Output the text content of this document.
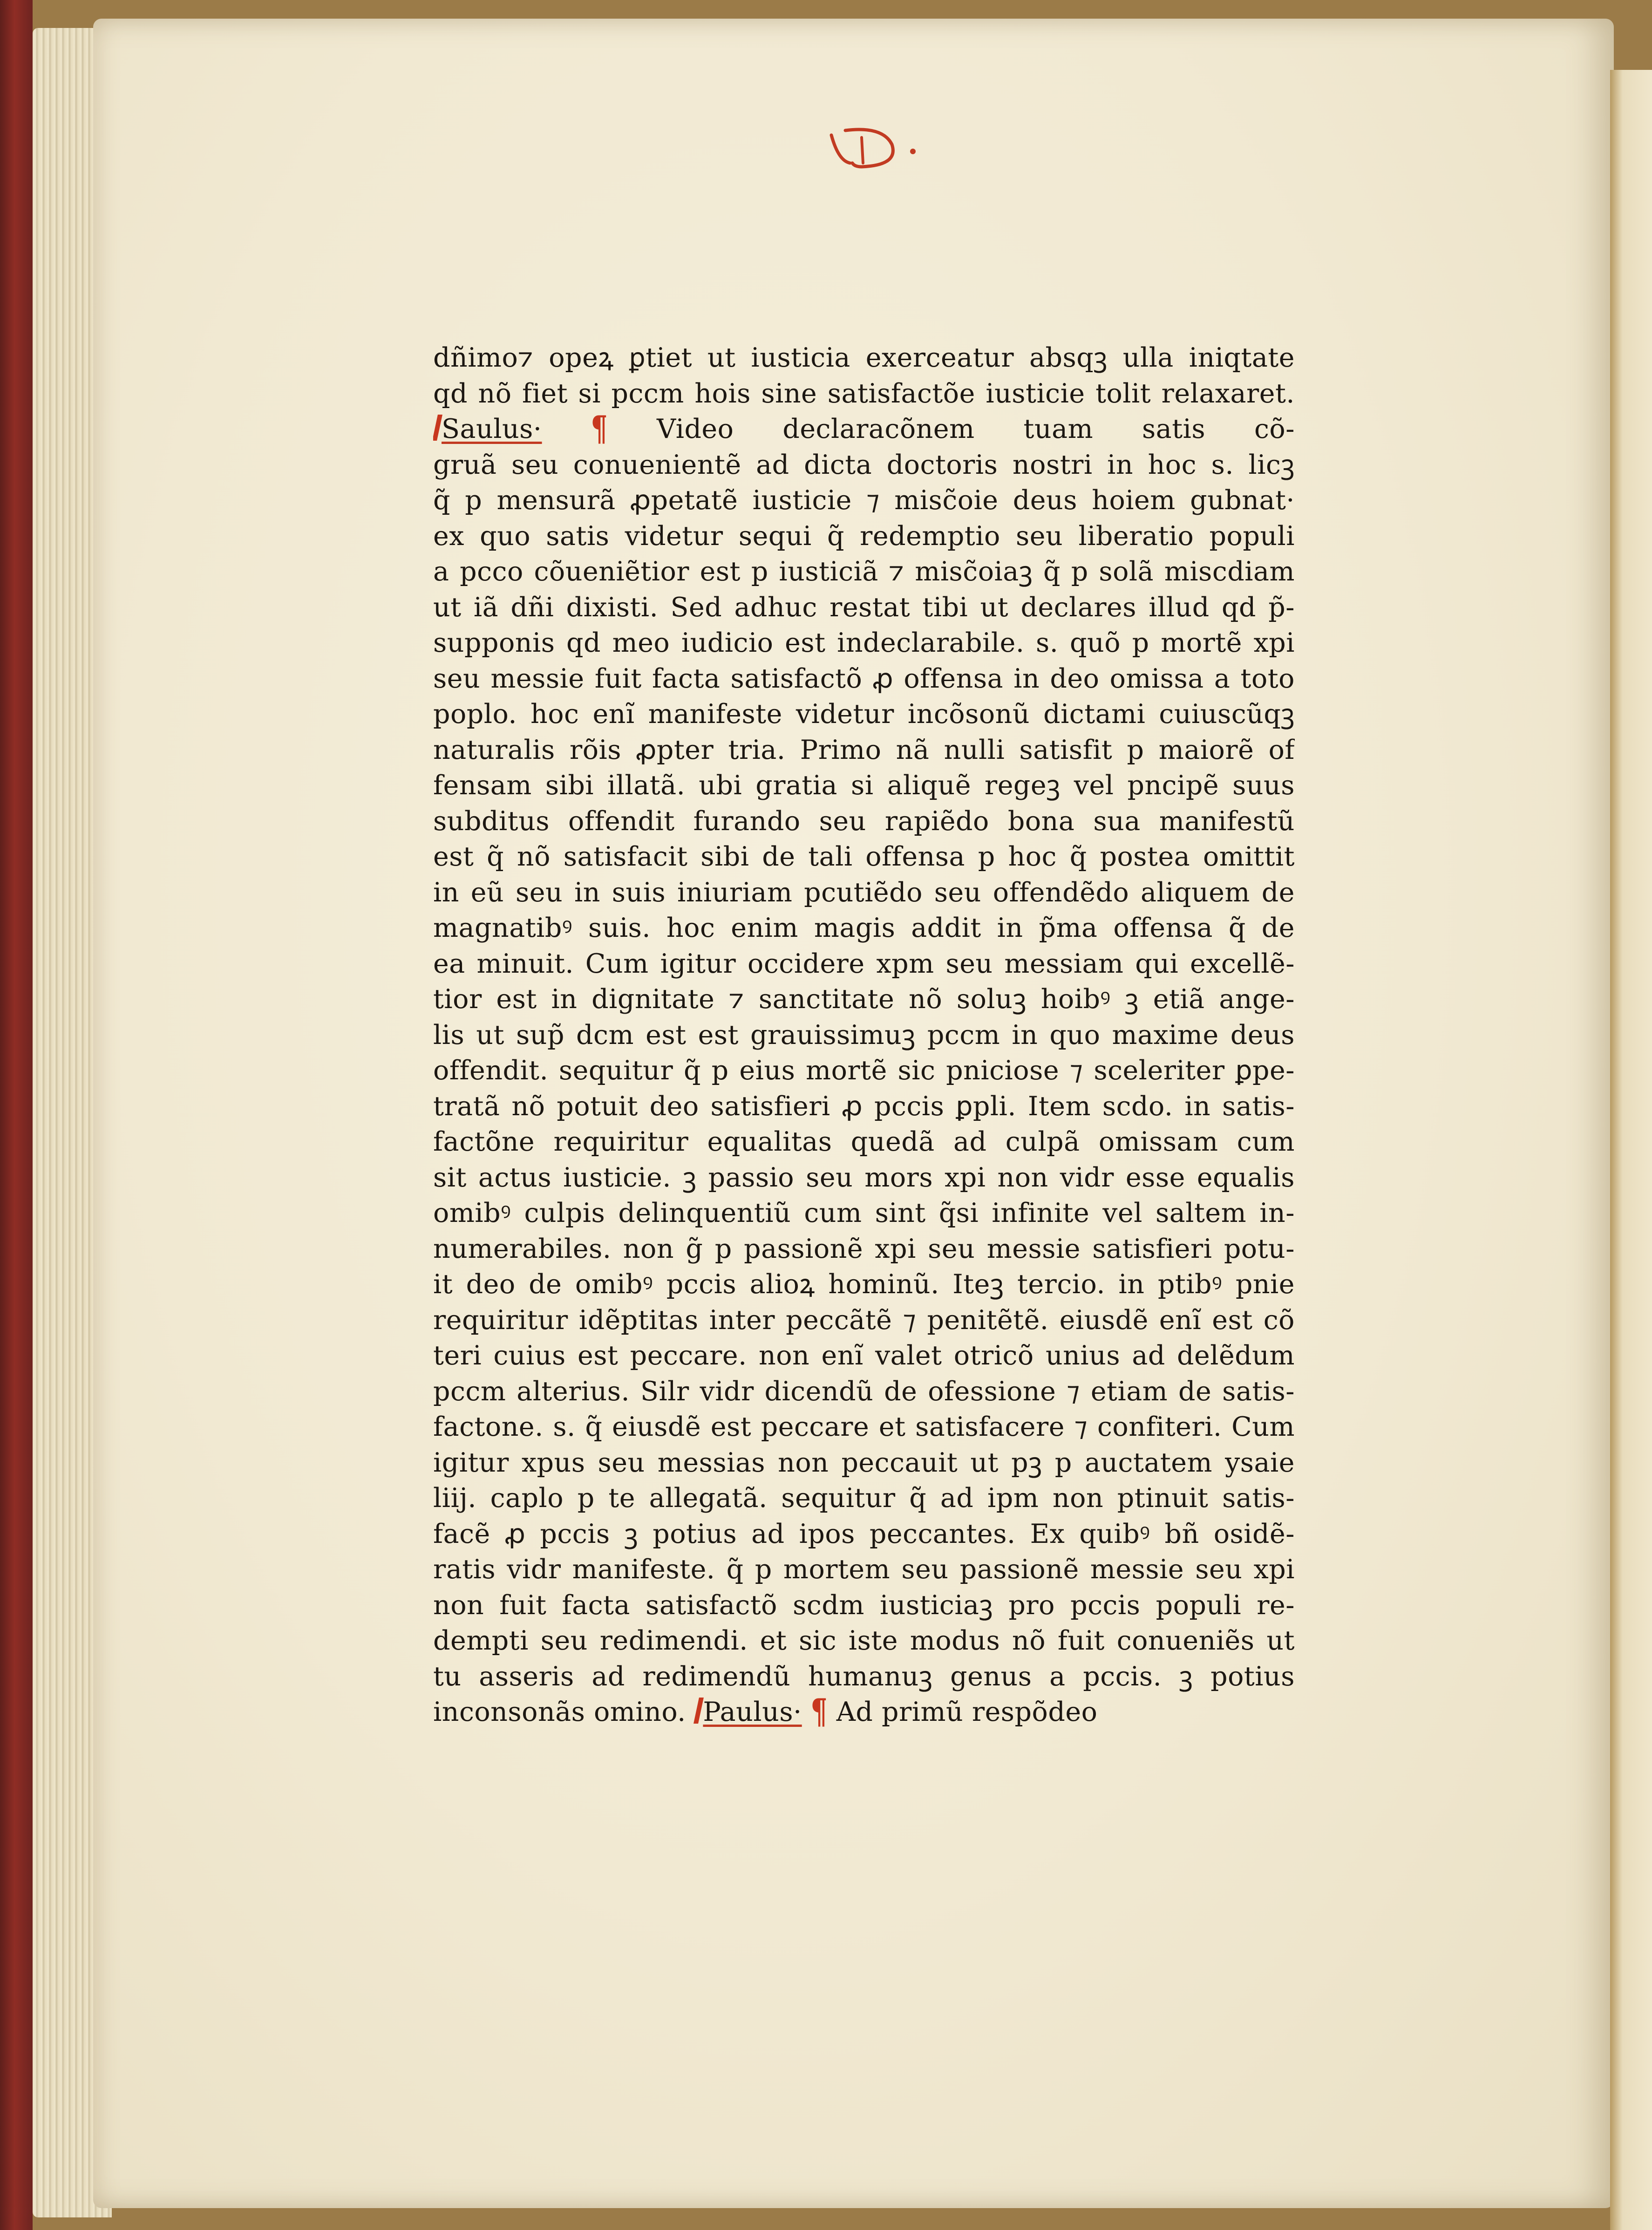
dñimo⁊ opeꝝ ꝑtiet ut iusticia exerceatur absqꝫ ulla iniqtate
qd nõ fiet si pccm hois sine satisfactõe iusticie tolit relaxaret.
Saulus· ¶ Video declaracõnem tuam satis cõ-
gruã seu conuenientẽ ad dicta doctoris nostri in hoc s. licꝫ
q̃ p mensurã ꝓpetatẽ iusticie ⁊ misc̃oie deus hoiem gubnat·
ex quo satis videtur sequi q̃ redemptio seu liberatio populi
a pcco cõueniẽtior est p iusticiã ⁊ misc̃oiaꝫ q̃ p solã miscdiam
ut iã dñi dixisti. Sed adhuc restat tibi ut declares illud qd p̃-
supponis qd meo iudicio est indeclarabile. s. quõ p mortẽ xpi
seu messie fuit facta satisfactõ ꝓ offensa in deo omissa a toto
poplo. hoc enĩ manifeste videtur incõsonũ dictami cuiuscũqꝫ
naturalis rõis ꝓpter tria. Primo nã nulli satisfit p maiorẽ of
fensam sibi illatã. ubi gratia si aliquẽ regeꝫ vel pncipẽ suus
subditus offendit furando seu rapiẽdo bona sua manifestũ
est q̃ nõ satisfacit sibi de tali offensa p hoc q̃ postea omittit
in eũ seu in suis iniuriam pcutiẽdo seu offendẽdo aliquem de
magnatibꝰ suis. hoc enim magis addit in p̃ma offensa q̃ de
ea minuit. Cum igitur occidere xpm seu messiam qui excellẽ-
tior est in dignitate ⁊ sanctitate nõ soluꝫ hoibꝰ ꝫ etiã ange-
lis ut sup̃ dcm est est grauissimuꝫ pccm in quo maxime deus
offendit. sequitur q̃ p eius mortẽ sic pniciose ⁊ sceleriter ꝑpe-
tratã nõ potuit deo satisfieri ꝓ pccis ꝑpli. Item scdo. in satis-
factõne requiritur equalitas quedã ad culpã omissam cum
sit actus iusticie. ꝫ passio seu mors xpi non vidr esse equalis
omibꝰ culpis delinquentiũ cum sint q̃si infinite vel saltem in-
numerabiles. non g̃ p passionẽ xpi seu messie satisfieri potu-
it deo de omibꝰ pccis alioꝝ hominũ. Iteꝫ tercio. in ptibꝰ pnie
requiritur idẽptitas inter peccãtẽ ⁊ penitẽtẽ. eiusdẽ enĩ est cõ
teri cuius est peccare. non enĩ valet otricõ unius ad delẽdum
pccm alterius. Silr vidr dicendũ de ofessione ⁊ etiam de satis-
factone. s. q̃ eiusdẽ est peccare et satisfacere ⁊ confiteri. Cum
igitur xpus seu messias non peccauit ut pꝫ p auctatem ysaie
liij. caplo p te allegatã. sequitur q̃ ad ipm non ptinuit satis-
facẽ ꝓ pccis ꝫ potius ad ipos peccantes. Ex quibꝰ bñ osidẽ-
ratis vidr manifeste. q̃ p mortem seu passionẽ messie seu xpi
non fuit facta satisfactõ scdm iusticiaꝫ pro pccis populi re-
dempti seu redimendi. et sic iste modus nõ fuit conueniẽs ut
tu asseris ad redimendũ humanuꝫ genus a pccis. ꝫ potius
inconsonãs omino. Paulus· ¶ Ad primũ respõdeo
